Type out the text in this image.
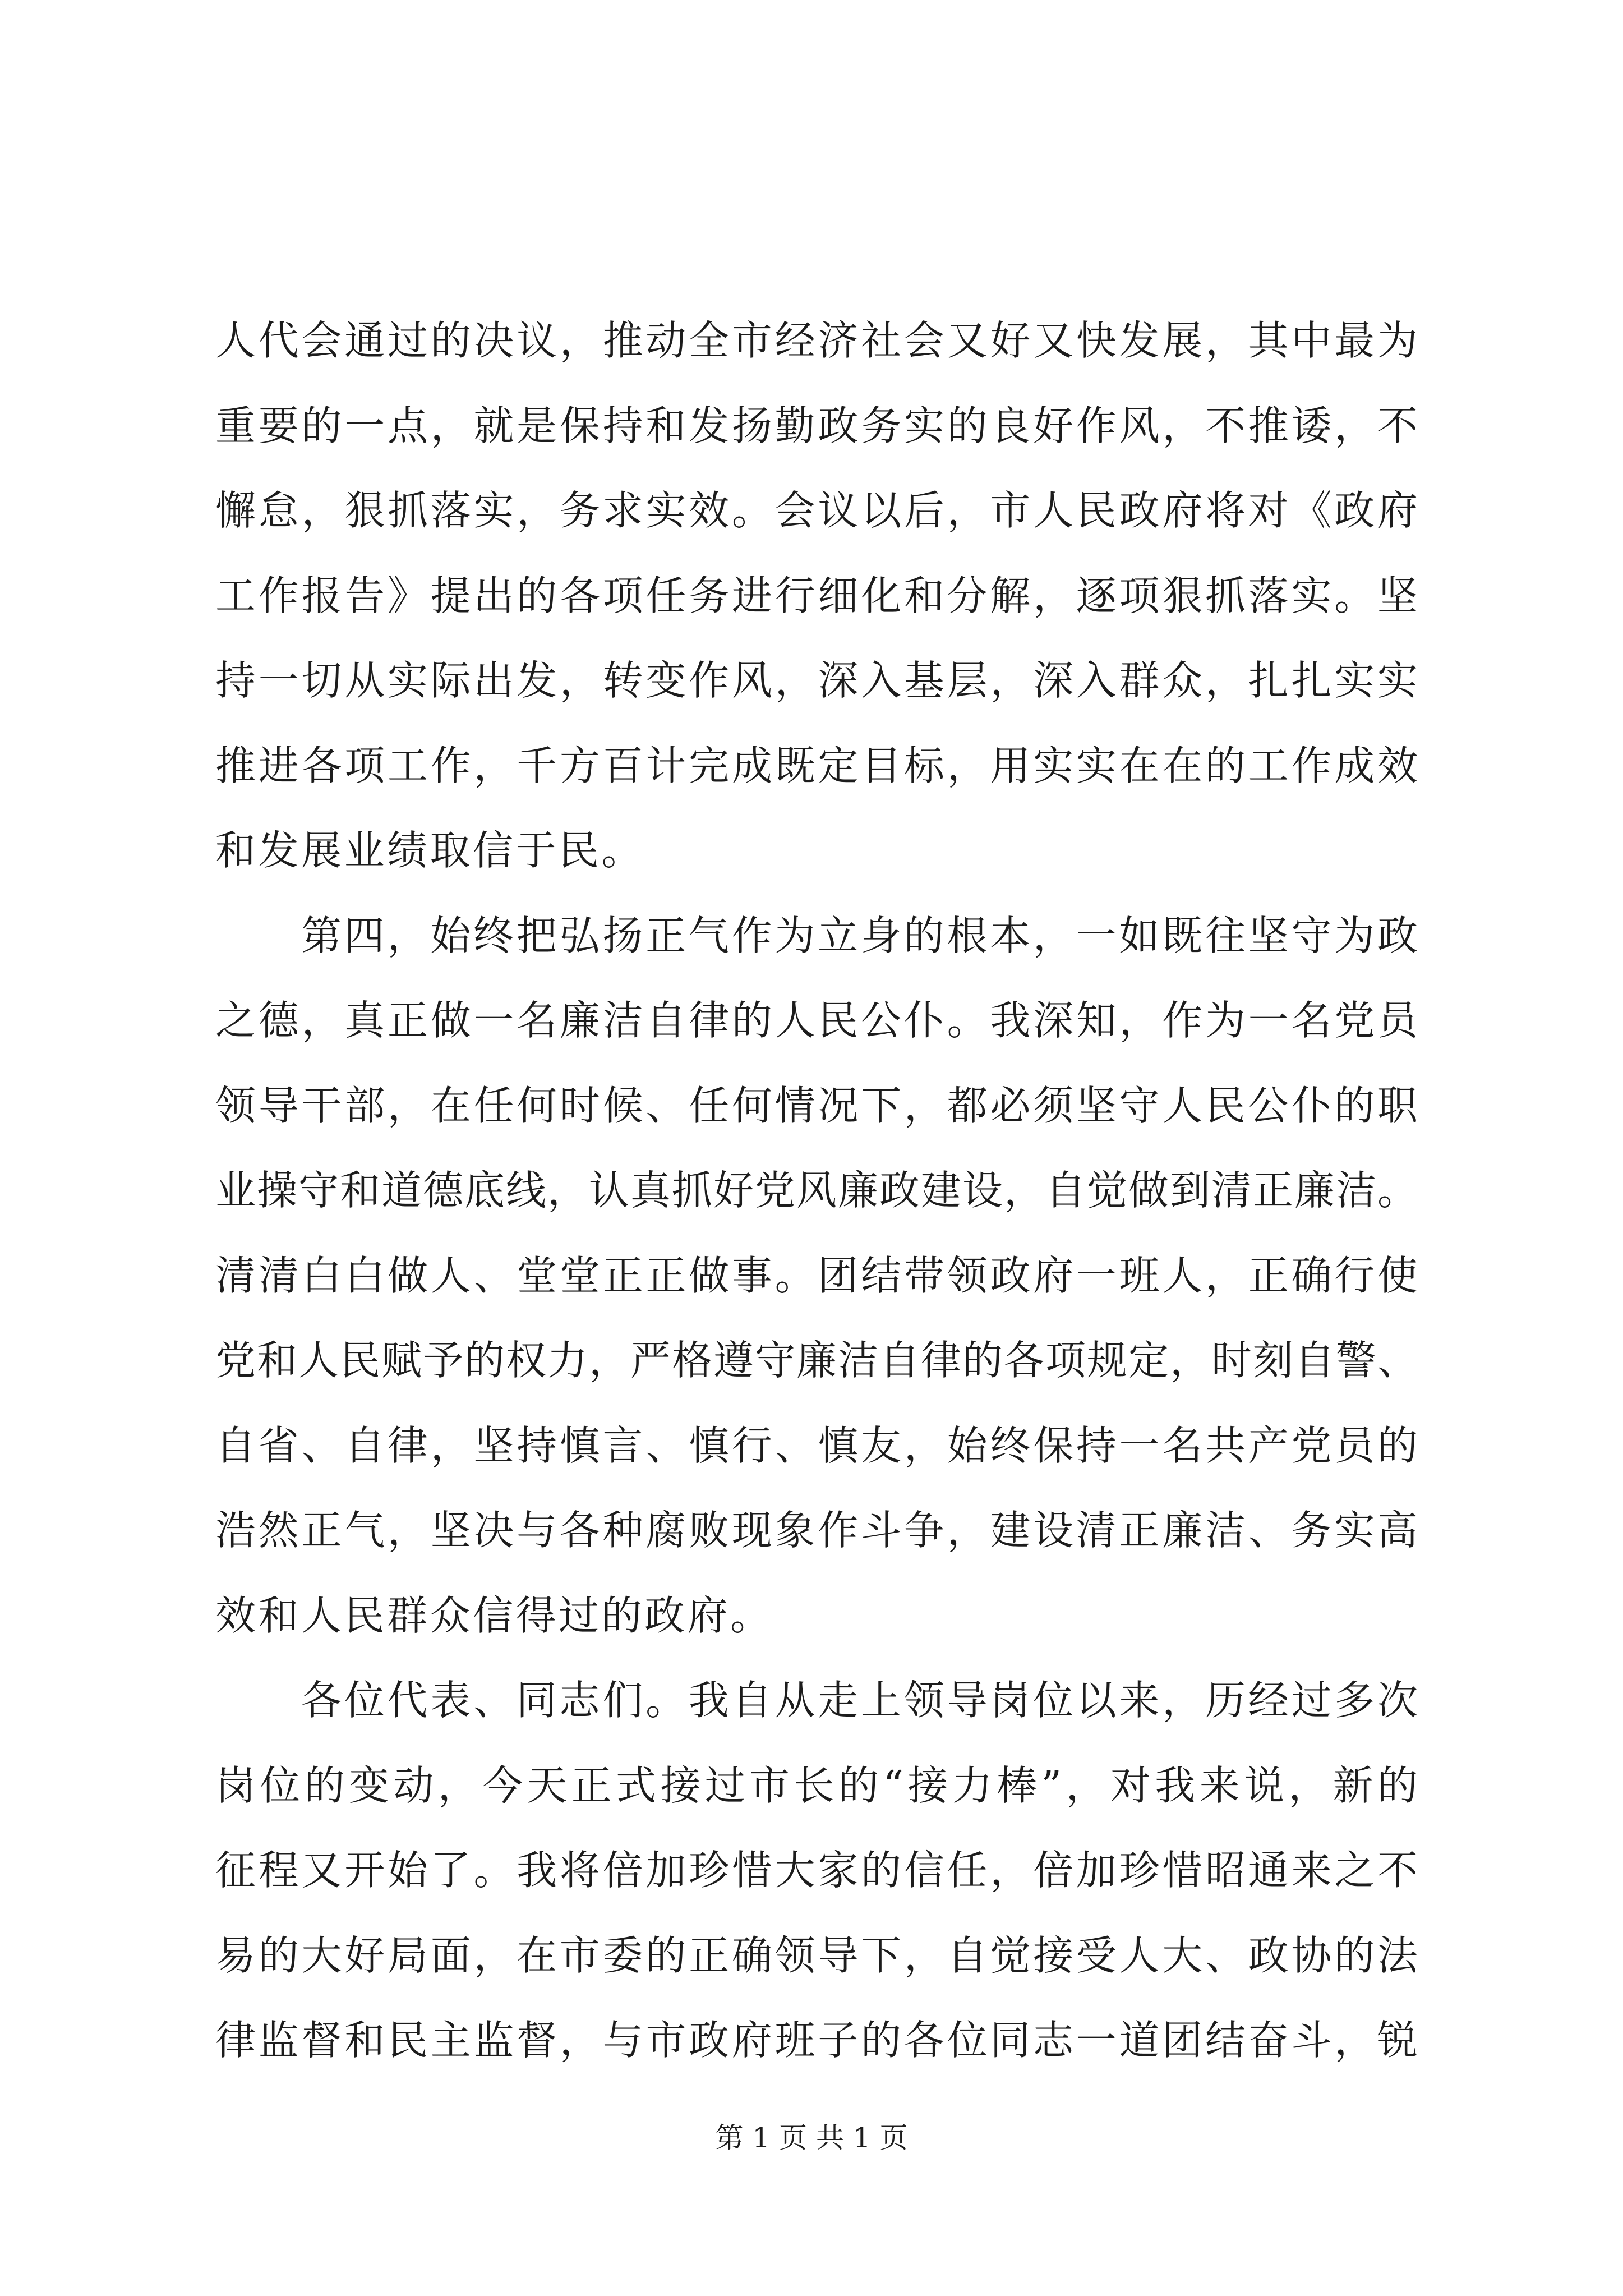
人代会通过的决议，推动全市经济社会又好又快发展，其中最为
重要的一点，就是保持和发扬勤政务实的良好作风，不推诿，不
懈怠，狠抓落实，务求实效。会议以后，市人民政府将对《政府
工作报告》提出的各项任务进行细化和分解，逐项狠抓落实。坚
持一切从实际出发，转变作风，深入基层，深入群众，扎扎实实
推进各项工作，千方百计完成既定目标，用实实在在的工作成效
和发展业绩取信于民。
第四，始终把弘扬正气作为立身的根本，一如既往坚守为政
之德，真正做一名廉洁自律的人民公仆。我深知，作为一名党员
领导干部，在任何时候、任何情况下，都必须坚守人民公仆的职
业操守和道德底线，认真抓好党风廉政建设，自觉做到清正廉洁。
清清白白做人、堂堂正正做事。团结带领政府一班人，正确行使
党和人民赋予的权力，严格遵守廉洁自律的各项规定，时刻自警、
自省、自律，坚持慎言、慎行、慎友，始终保持一名共产党员的
浩然正气，坚决与各种腐败现象作斗争，建设清正廉洁、务实高
效和人民群众信得过的政府。
各位代表、同志们。我自从走上领导岗位以来，历经过多次
岗位的变动，今天正式接过市长的“接力棒”，对我来说，新的
征程又开始了。我将倍加珍惜大家的信任，倍加珍惜昭通来之不
易的大好局面，在市委的正确领导下，自觉接受人大、政协的法
律监督和民主监督，与市政府班子的各位同志一道团结奋斗，锐
第 1 页 共 1 页
